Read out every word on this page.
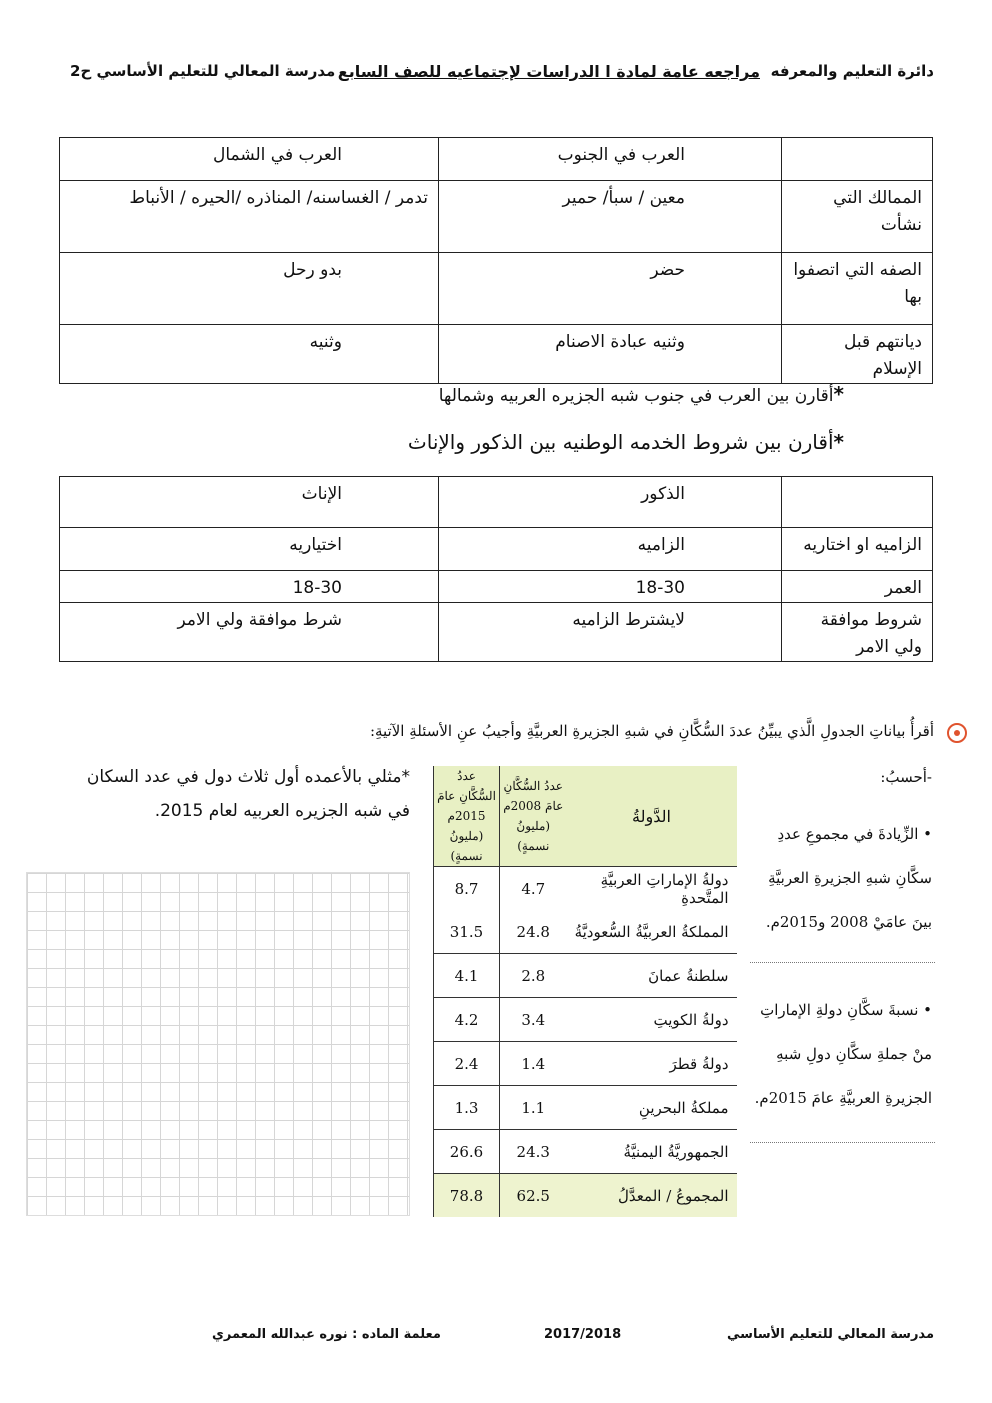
دائرة التعليم والمعرفه
مراجعه عامة لمادة ا الدراسات لإجتماعيه للصف السابع
مدرسة المعالي للتعليم الأساسي ح2
	العرب في الجنوب	العرب في الشمال
الممالك التي نشأت	معين / سبأ/ حمير	تدمر / الغساسنه/ المناذره /الحيره / الأنباط
الصفه التي اتصفوا بها	حضر	بدو رحل
ديانتهم قبل الإسلام	وثنيه عبادة الاصنام	وثنيه
*أقارن بين العرب في جنوب شبه الجزيره العربيه وشمالها
*أقارن بين شروط الخدمه الوطنيه بين الذكور والإناث
	الذكور	الإناث
الزاميه او اختاريه	الزاميه	اختياريه
العمر	18-30	18-30
شروط موافقة ولي الامر	لايشترط الزاميه	شرط موافقة ولي الامر
أقرأُ بياناتِ الجدولِ الَّذي يبيِّنُ عددَ السُّكَّانِ في شبهِ الجزيرةِ العربيَّةِ وأجيبُ عنِ الأسئلةِ الآتيةِ:
-أحسبُ:
• الزِّيادةَ في مجموعِ عددِ سكَّانِ شبهِ الجزيرةِ العربيَّةِ بينَ عامَيْ 2008 و2015م.
• نسبةَ سكَّانِ دولةِ الإماراتِ منْ جملةِ سكَّانِ دولِ شبهِ الجزيرةِ العربيَّةِ عامَ 2015م.
الدَّولةُ	عددُ السُّكَّانِ عامَ 2008م (مليونُ نسمةٍ)	عددُ السُّكَّانِ عامَ 2015م (مليونُ نسمةٍ)
دولةُ الإماراتِ العربيَّةِ المتَّحدةِ	4.7	8.7
المملكةُ العربيَّةُ السُّعوديَّةُ	24.8	31.5
سلطنةُ عمانَ	2.8	4.1
دولةُ الكويتِ	3.4	4.2
دولةُ قطرَ	1.4	2.4
مملكةُ البحرينِ	1.1	1.3
الجمهوريَّةُ اليمنيَّةُ	24.3	26.6
المجموعُ / المعدَّلُ	62.5	78.8
*مثلي بالأعمده أول ثلاث دول في عدد السكان في شبه الجزيره العربيه لعام 2015.
مدرسة المعالي للتعليم الأساسي
2017/2018
معلمة الماده : نوره عبدالله المعمري
